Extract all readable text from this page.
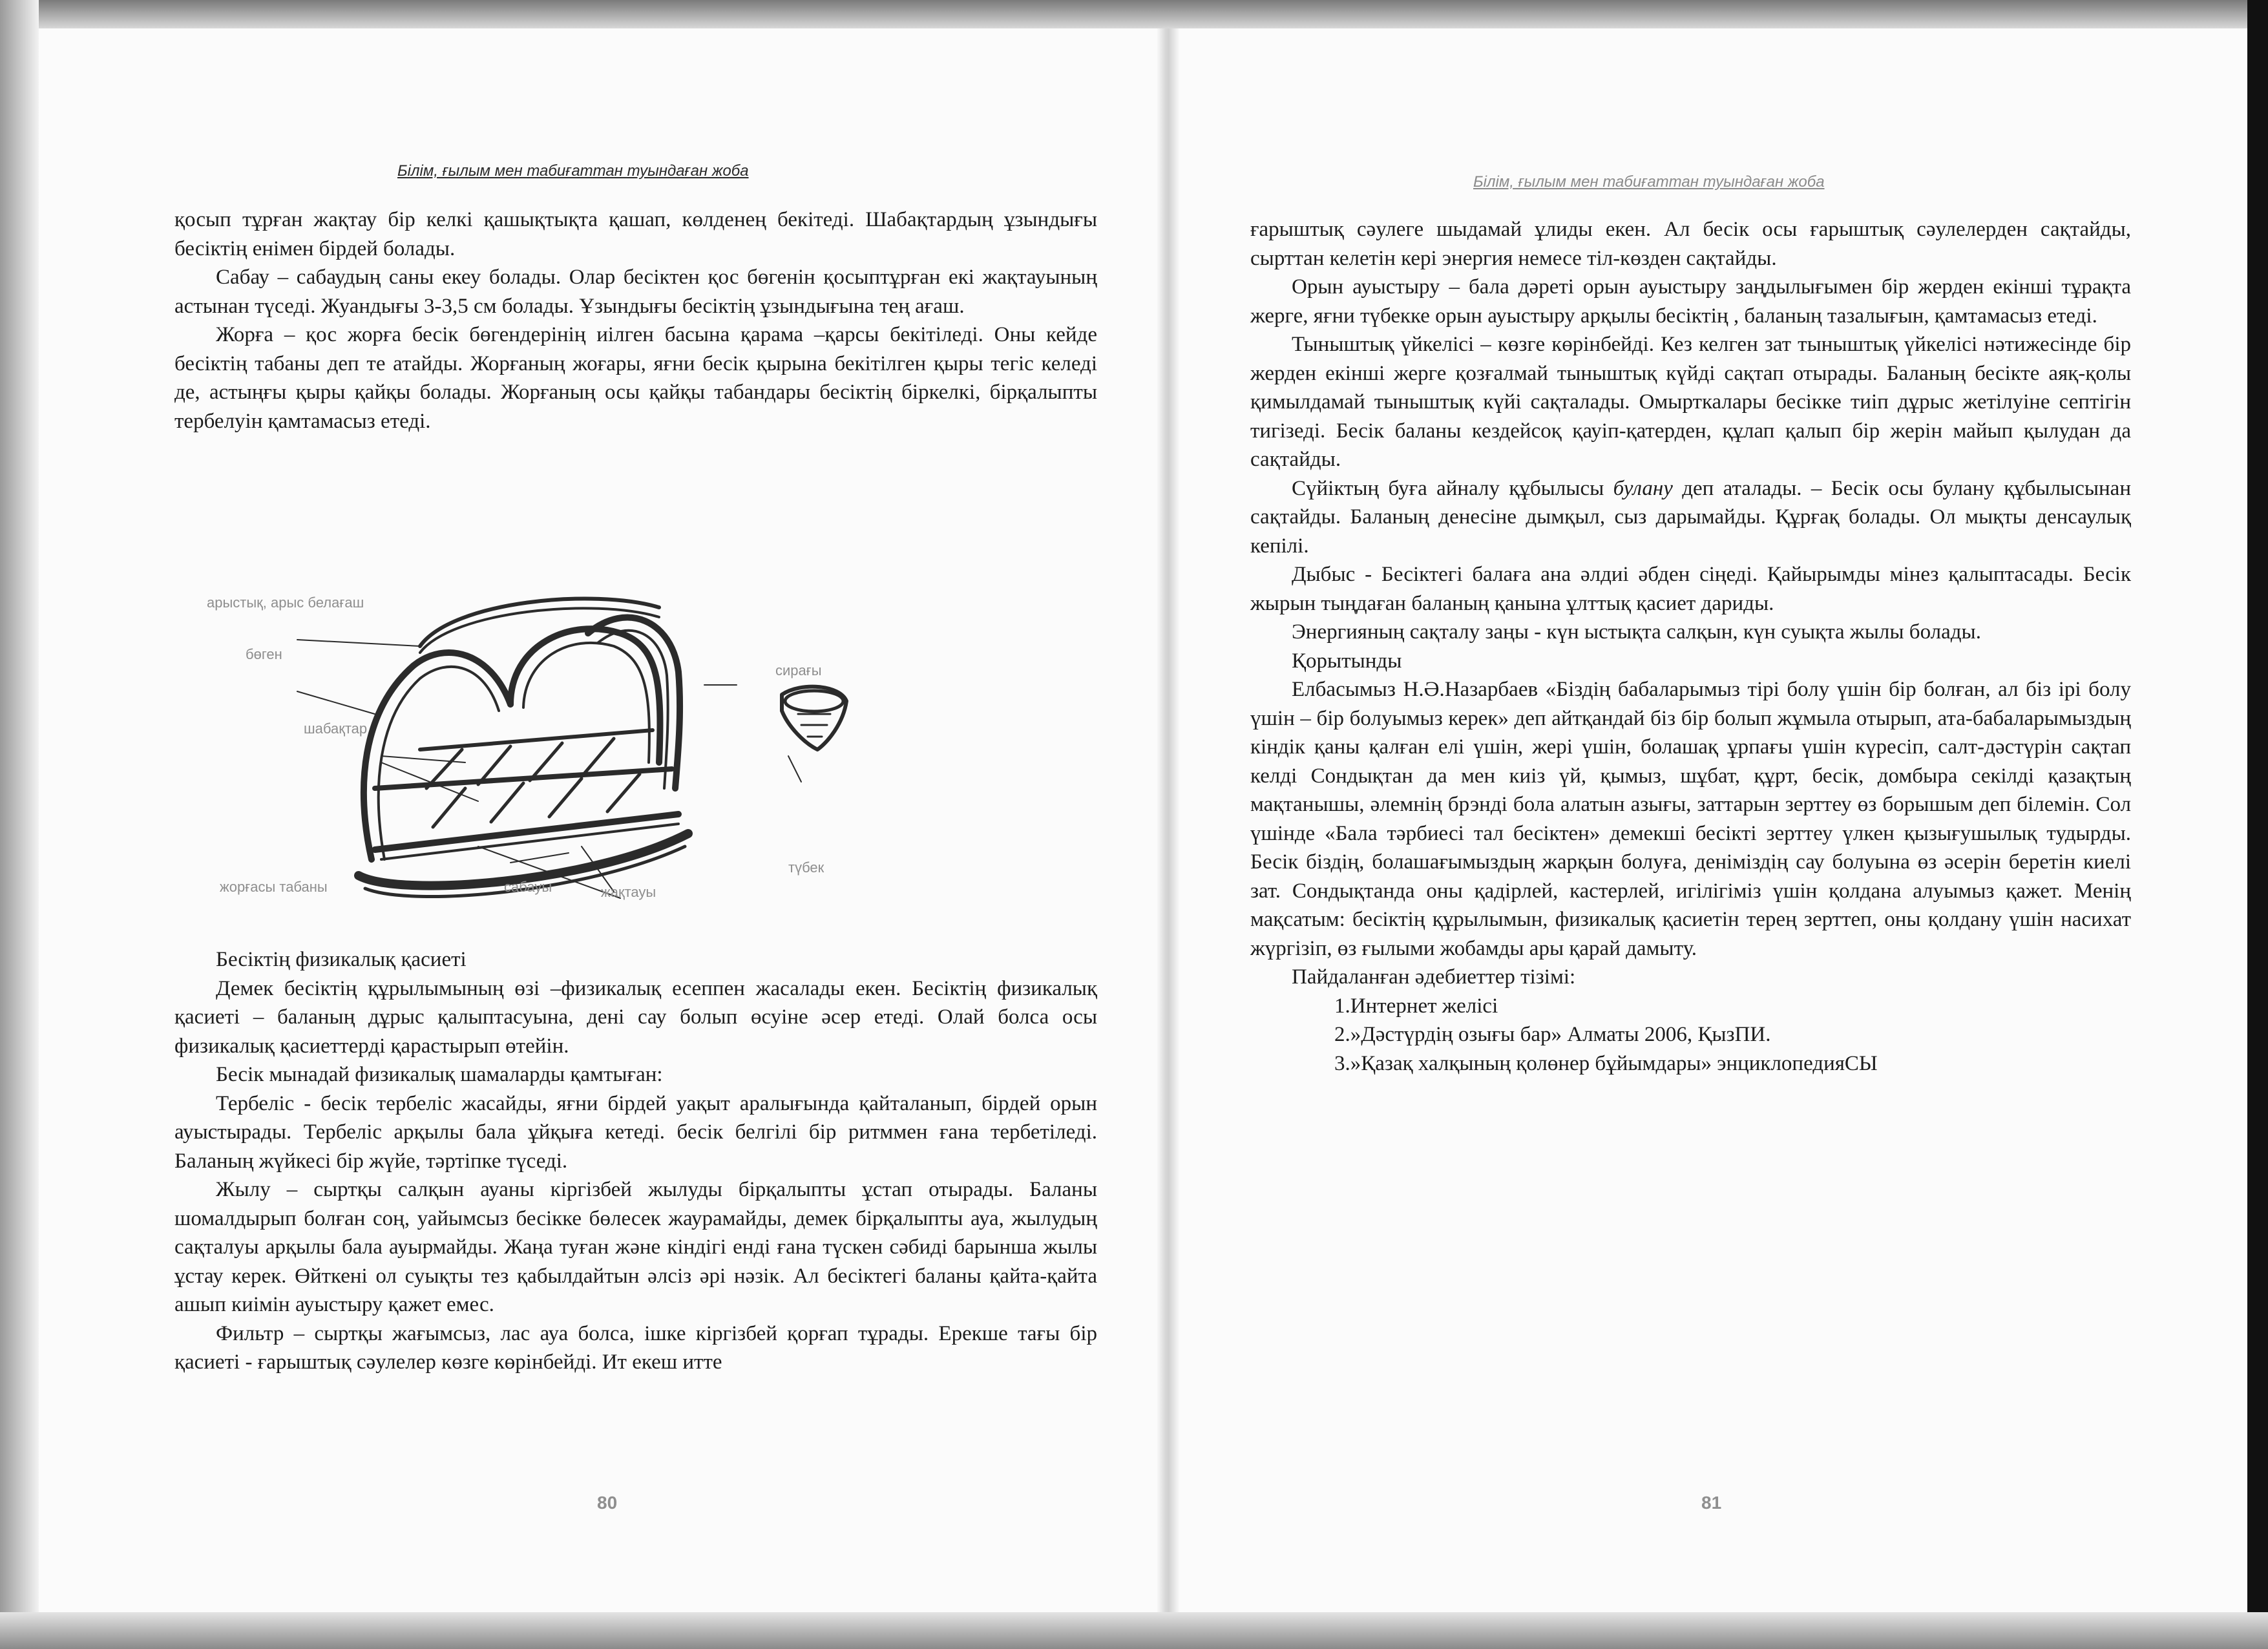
Білім, ғылым мен табиғаттан туындаған жоба

қосып тұрған жақтау бір келкі қашықтықта қашап, көлденең бекітеді. Шабақтардың ұзындығы бесіктің енімен бірдей болады.

Сабау – сабаудың саны екеу болады. Олар бесіктен қос бөгенін қосыптұрған екі жақтауының астынан түседі. Жуандығы 3-3,5 см болады. Ұзындығы бесіктің ұзындығына тең ағаш.

Жорға – қос жорға бесік бөгендерінің иілген басына қарама –қарсы бекітіледі. Оны кейде бесіктің табаны деп те атайды. Жорғаның жоғары, яғни бесік қырына бекітілген қыры тегіс келеді де, астыңғы қыры қайқы болады. Жорғаның осы қайқы табандары бесіктің біркелкі, бірқалыпты тербелуін қамтамасыз етеді.

арыстық, арыс белағаш
бөген
шабақтар
сирағы
жорғасы табаны	сабауы	жақтауы
түбек

Бесіктің физикалық қасиеті

Демек бесіктің құрылымының өзі –физикалық есеппен жасалады екен. Бесіктің физикалық қасиеті – баланың дұрыс қалыптасуына, дені сау болып өсуіне әсер етеді. Олай болса осы физикалық қасиеттерді қарастырып өтейін.

Бесік мынадай физикалық шамаларды қамтыған:

Тербеліс - бесік тербеліс жасайды, яғни бірдей уақыт аралығында қайталанып, бірдей орын ауыстырады. Тербеліс арқылы бала ұйқыға кетеді. бесік белгілі бір ритммен ғана тербетіледі. Баланың жүйкесі бір жүйе, тәртіпке түседі.

Жылу – сыртқы салқын ауаны кіргізбей жылуды бірқалыпты ұстап отырады. Баланы шомалдырып болған соң, уайымсыз бесікке бөлесек жаурамайды, демек бірқалыпты ауа, жылудың сақталуы арқылы бала ауырмайды. Жаңа туған және кіндігі енді ғана түскен сәбиді барынша жылы ұстау керек. Өйткені ол суықты тез қабылдайтын әлсіз әрі нәзік. Ал бесіктегі баланы қайта-қайта ашып киімін ауыстыру қажет емес.

Фильтр – сыртқы жағымсыз, лас ауа болса, ішке кіргізбей қорғап тұрады. Ерекше тағы бір қасиеті - ғарыштық сәулелер көзге көрінбейді. Ит екеш итте

80
Білім, ғылым мен табиғаттан туындаған жоба

ғарыштық сәулеге шыдамай ұлиды екен. Ал бесік осы ғарыштық сәулелерден сақтайды, сырттан келетін кері энергия немесе тіл-көзден сақтайды.

Орын ауыстыру – бала дәреті орын ауыстыру заңдылығымен бір жерден екінші тұрақта жерге, яғни түбекке орын ауыстыру арқылы бесіктің , баланың тазалығын, қамтамасыз етеді.

Тыныштық үйкелісі – көзге көрінбейді. Кез келген зат тыныштық үйкелісі нәтижесінде бір жерден екінші жерге қозғалмай тыныштық күйді сақтап отырады. Баланың бесікте аяқ-қолы қимылдамай тыныштық күйі сақталады. Омырткалары бесікке тиіп дұрыс жетілуіне септігін тигізеді. Бесік баланы кездейсоқ қауіп-қатерден, құлап қалып бір жерін майып қылудан да сақтайды.

Сүйіктың буға айналу құбылысы булану деп аталады. – Бесік осы булану құбылысынан сақтайды. Баланың денесіне дымқыл, сыз дарымайды. Құрғақ болады. Ол мықты денсаулық кепілі.

Дыбыс - Бесіктегі балаға ана әлдиі әбден сіңеді. Қайырымды мінез қалыптасады. Бесік жырын тыңдаған баланың қанына ұлттық қасиет дариды.

Энергияның сақталу заңы - күн ыстықта салқын, күн суықта жылы болады.

Қорытынды

Елбасымыз Н.Ә.Назарбаев «Біздің бабаларымыз тірі болу үшін бір болған, ал біз ірі болу үшін – бір болуымыз керек» деп айтқандай біз бір болып жұмыла отырып, ата-бабаларымыздың кіндік қаны қалған елі үшін, жері үшін, болашақ ұрпағы үшін күресіп, салт-дәстүрін сақтап келді Сондықтан да мен киіз үй, қымыз, шұбат, құрт, бесік, домбыра секілді қазақтың мақтанышы, әлемнің брэнді бола алатын азығы, заттарын зерттеу өз борышым деп білемін. Сол үшінде «Бала тәрбиесі тал бесіктен» демекші бесікті зерттеу үлкен қызығушылық тудырды. Бесік біздің, болашағымыздың жарқын болуға, деніміздің сау болуына өз әсерін беретін киелі зат. Сондықтанда оны қадірлей, кастерлей, игілігіміз үшін қолдана алуымыз қажет. Менің мақсатым: бесіктің құрылымын, физикалық қасиетін терең зерттеп, оны қолдану үшін насихат жүргізіп, өз ғылыми жобамды ары қарай дамыту.

Пайдаланған әдебиеттер тізімі:

1.Интернет желісі

2.»Дәстүрдің озығы бар» Алматы 2006, ҚызПИ.

3.»Қазақ халқының қолөнер бұйымдары» энциклопедияСЫ

81
